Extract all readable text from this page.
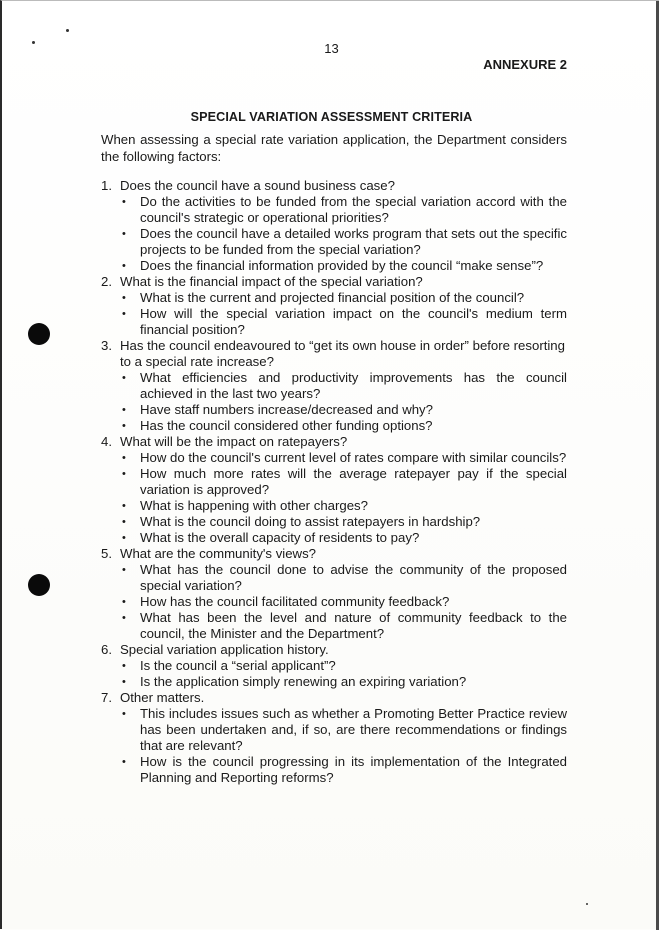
13
ANNEXURE 2
SPECIAL VARIATION ASSESSMENT CRITERIA
When assessing a special rate variation application, the Department considers the following factors:
1. Does the council have a sound business case?
• Do the activities to be funded from the special variation accord with the council's strategic or operational priorities?
• Does the council have a detailed works program that sets out the specific projects to be funded from the special variation?
• Does the financial information provided by the council “make sense”?
2. What is the financial impact of the special variation?
• What is the current and projected financial position of the council?
• How will the special variation impact on the council's medium term financial position?
3. Has the council endeavoured to “get its own house in order” before resorting to a special rate increase?
• What efficiencies and productivity improvements has the council achieved in the last two years?
• Have staff numbers increase/decreased and why?
• Has the council considered other funding options?
4. What will be the impact on ratepayers?
• How do the council's current level of rates compare with similar councils?
• How much more rates will the average ratepayer pay if the special variation is approved?
• What is happening with other charges?
• What is the council doing to assist ratepayers in hardship?
• What is the overall capacity of residents to pay?
5. What are the community's views?
• What has the council done to advise the community of the proposed special variation?
• How has the council facilitated community feedback?
• What has been the level and nature of community feedback to the council, the Minister and the Department?
6. Special variation application history.
• Is the council a “serial applicant”?
• Is the application simply renewing an expiring variation?
7. Other matters.
• This includes issues such as whether a Promoting Better Practice review has been undertaken and, if so, are there recommendations or findings that are relevant?
• How is the council progressing in its implementation of the Integrated Planning and Reporting reforms?
